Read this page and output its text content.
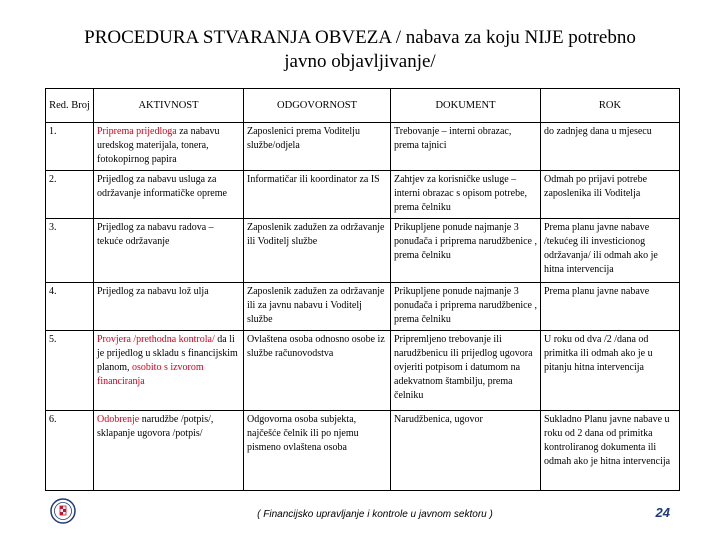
PROCEDURA STVARANJA OBVEZA / nabava za koju NIJE potrebno
javno objavljivanje/
Red. Broj	AKTIVNOST	ODGOVORNOST	DOKUMENT	ROK
1.	Priprema prijedloga za nabavu uredskog materijala, tonera, fotokopirnog papira	Zaposlenici prema Voditelju službe/odjela	Trebovanje – interni obrazac, prema tajnici	do zadnjeg dana u mjesecu
2.	Prijedlog za nabavu usluga za održavanje informatičke opreme	Informatičar ili koordinator za IS	Zahtjev za korisničke usluge – interni obrazac s opisom potrebe, prema čelniku	Odmah po prijavi potrebe zaposlenika ili Voditelja
3.	Prijedlog za nabavu radova – tekuće održavanje	Zaposlenik zadužen za održavanje ili Voditelj službe	Prikupljene ponude najmanje 3 ponuđača i priprema narudžbenice , prema čelniku	Prema planu javne nabave /tekućeg ili investicionog održavanja/ ili odmah ako je hitna intervencija
4.	Prijedlog za nabavu lož ulja	Zaposlenik zadužen za održavanje ili za javnu nabavu i Voditelj službe	Prikupljene ponude najmanje 3 ponuđača i priprema narudžbenice , prema čelniku	Prema planu javne nabave
5.	Provjera /prethodna kontrola/ da li je prijedlog u skladu s financijskim planom, osobito s izvorom financiranja	Ovlaštena osoba odnosno osobe iz službe računovodstva	Pripremljeno trebovanje ili narudžbenicu ili prijedlog ugovora ovjeriti potpisom i datumom na adekvatnom štambilju, prema čelniku	U roku od dva /2 /dana od primitka ili odmah ako je u pitanju hitna intervencija
6.	Odobrenje narudžbe /potpis/, sklapanje ugovora /potpis/	Odgovorna osoba subjekta, najčešće čelnik ili po njemu pismeno ovlaštena osoba	Narudžbenica, ugovor	Sukladno Planu javne nabave u roku od 2 dana od primitka kontroliranog dokumenta ili odmah ako je hitna intervencija
( Financijsko upravljanje i kontrole u javnom sektoru )	24
